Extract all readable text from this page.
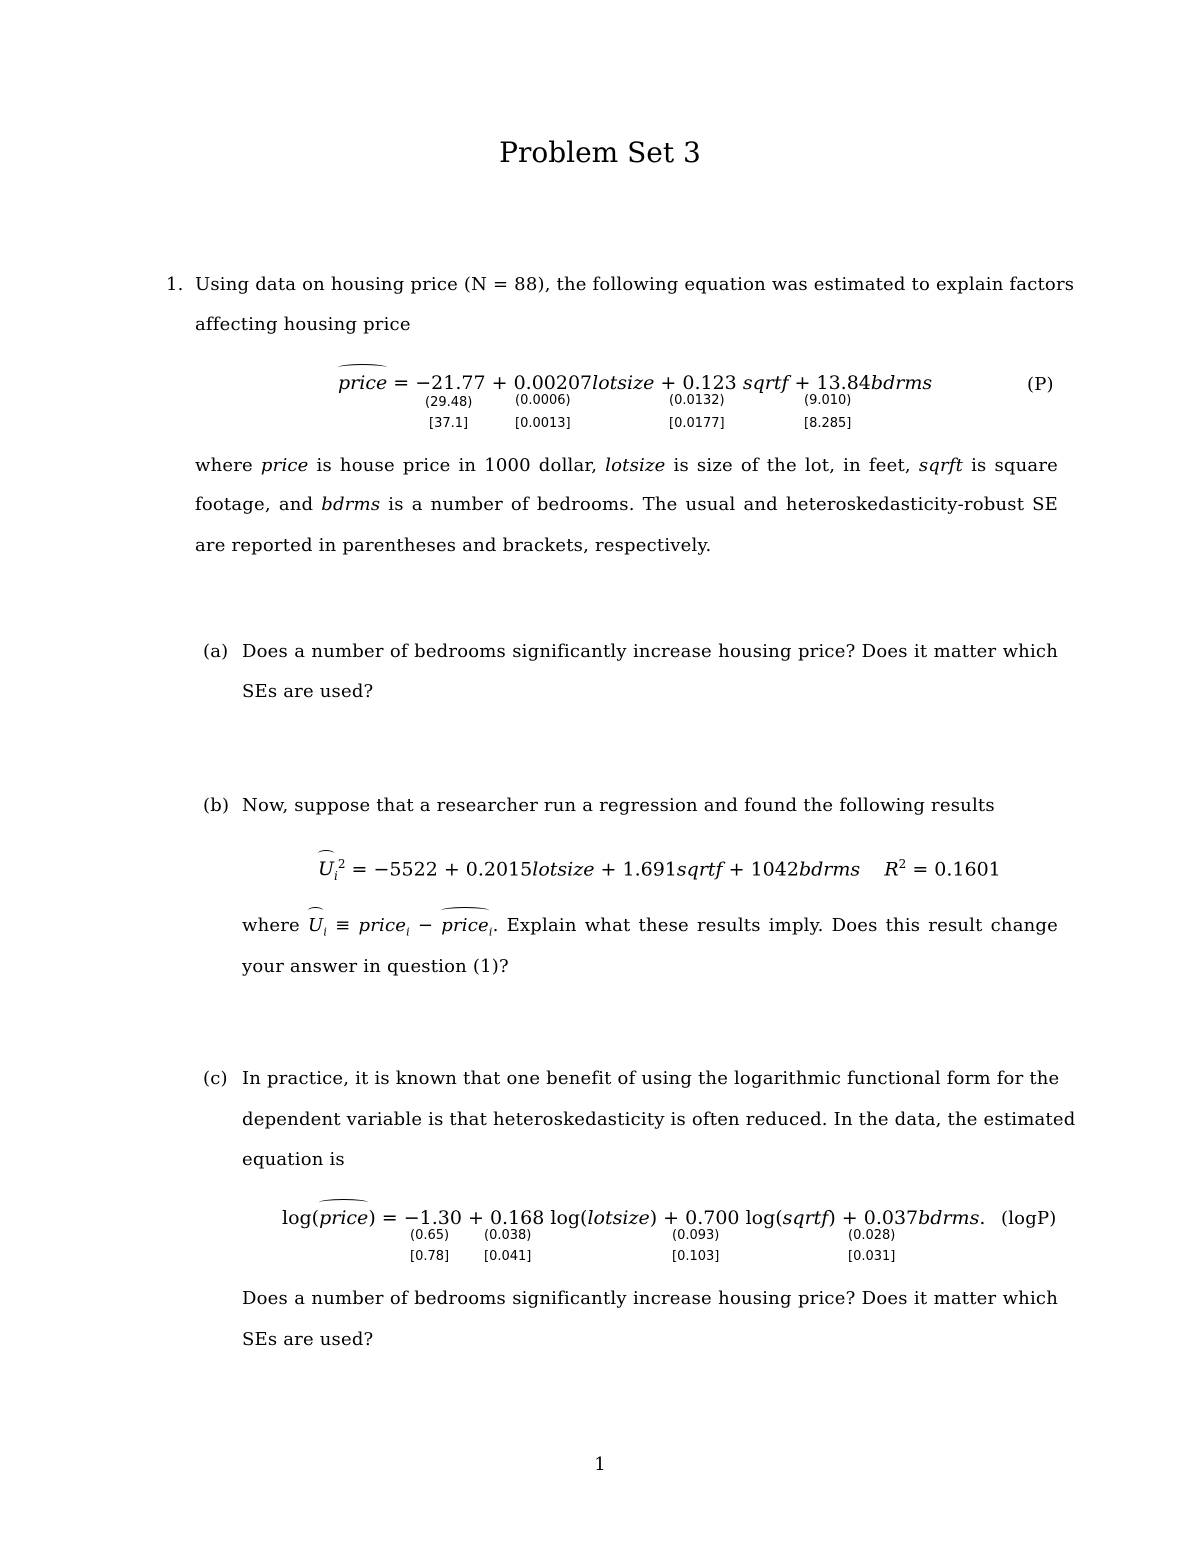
Problem Set 3
1. Using data on housing price (N = 88), the following equation was estimated to explain factors
affecting housing price
price = −21.77 + 0.00207lotsize + 0.123 sqrtf + 13.84bdrms	(P)
(29.48)	(0.0006)	(0.0132)	(9.010)
[37.1]	[0.0013]	[0.0177]	[8.285]
where price is house price in 1000 dollar, lotsize is size of the lot, in feet, sqrft is square
footage, and bdrms is a number of bedrooms. The usual and heteroskedasticity-robust SE
are reported in parentheses and brackets, respectively.
(a) Does a number of bedrooms significantly increase housing price? Does it matter which
SEs are used?
(b) Now, suppose that a researcher run a regression and found the following results
$U_i^2 = -5522$ + 0.2015lotsize + 1.691sqrtf + 1042bdrms $R^2 = 0.1601$
where $U_i$ ≡ price$_i$ − price$_i$. Explain what these results imply. Does this result change
your answer in question (1)?
(c) In practice, it is known that one benefit of using the logarithmic functional form for the
dependent variable is that heteroskedasticity is often reduced. In the data, the estimated
equation is
log(price) = −1.30 + 0.168 log(lotsize) + 0.700 log(sqrtf) + 0.037bdrms. (logP)
(0.65)	(0.038)	(0.093)	(0.028)
[0.78]	[0.041]	[0.103]	[0.031]
Does a number of bedrooms significantly increase housing price? Does it matter which
SEs are used?
1
